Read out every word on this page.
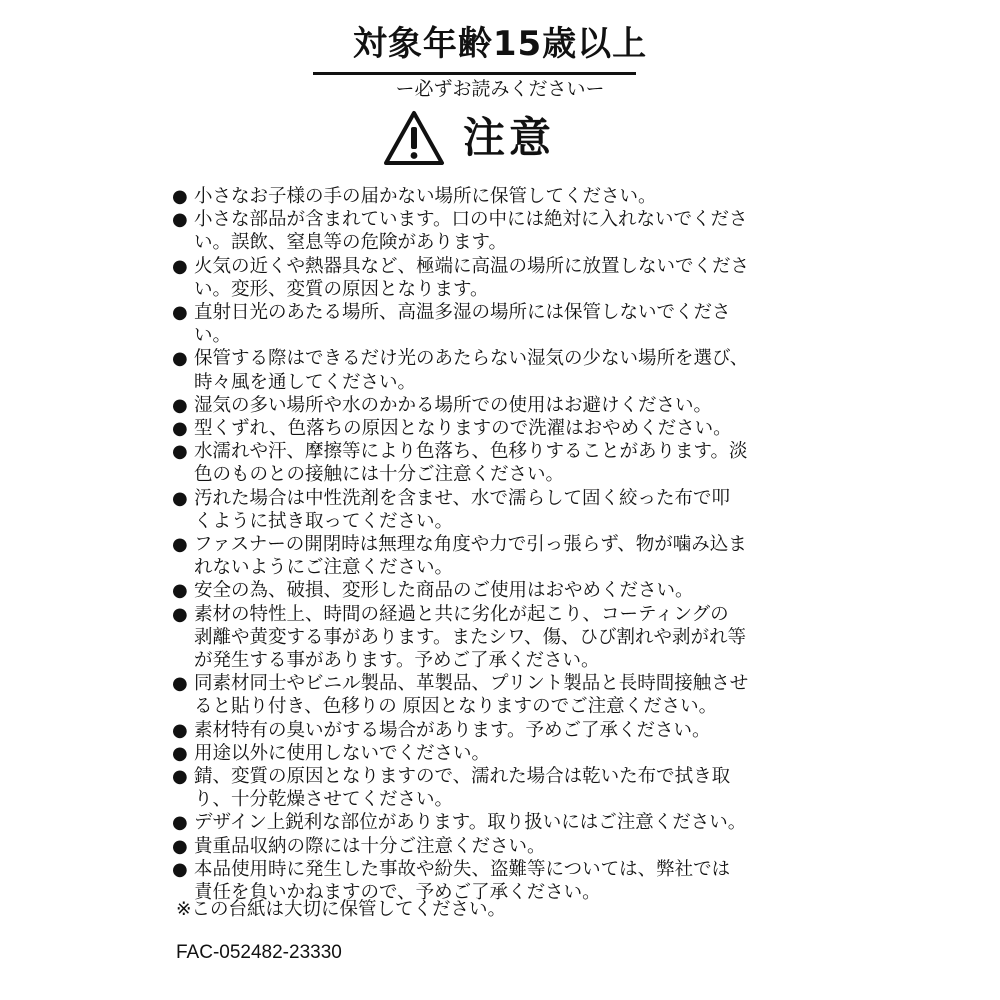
対象年齢15歳以上
ー必ずお読みくださいー
注意
● 小さなお子様の手の届かない場所に保管してください。
● 小さな部品が含まれています。口の中には絶対に入れないでくださ
い。誤飲、窒息等の危険があります。
● 火気の近くや熱器具など、極端に高温の場所に放置しないでくださ
い。変形、変質の原因となります。
● 直射日光のあたる場所、高温多湿の場所には保管しないでくださ
い。
● 保管する際はできるだけ光のあたらない湿気の少ない場所を選び、
時々風を通してください。
● 湿気の多い場所や水のかかる場所での使用はお避けください。
● 型くずれ、色落ちの原因となりますので洗濯はおやめください。
● 水濡れや汗、摩擦等により色落ち、色移りすることがあります。淡
色のものとの接触には十分ご注意ください。
● 汚れた場合は中性洗剤を含ませ、水で濡らして固く絞った布で叩
くように拭き取ってください。
● ファスナーの開閉時は無理な角度や力で引っ張らず、物が噛み込ま
れないようにご注意ください。
● 安全の為、破損、変形した商品のご使用はおやめください。
● 素材の特性上、時間の経過と共に劣化が起こり、コーティングの
剥離や黄変する事があります。またシワ、傷、ひび割れや剥がれ等
が発生する事があります。予めご了承ください。
● 同素材同士やビニル製品、革製品、プリント製品と長時間接触させ
ると貼り付き、色移りの 原因となりますのでご注意ください。
● 素材特有の臭いがする場合があります。予めご了承ください。
● 用途以外に使用しないでください。
● 錆、変質の原因となりますので、濡れた場合は乾いた布で拭き取
り、十分乾燥させてください。
● デザイン上鋭利な部位があります。取り扱いにはご注意ください。
● 貴重品収納の際には十分ご注意ください。
● 本品使用時に発生した事故や紛失、盗難等については、弊社では
責任を負いかねますので、予めご了承ください。
※この台紙は大切に保管してください。
FAC-052482-23330
